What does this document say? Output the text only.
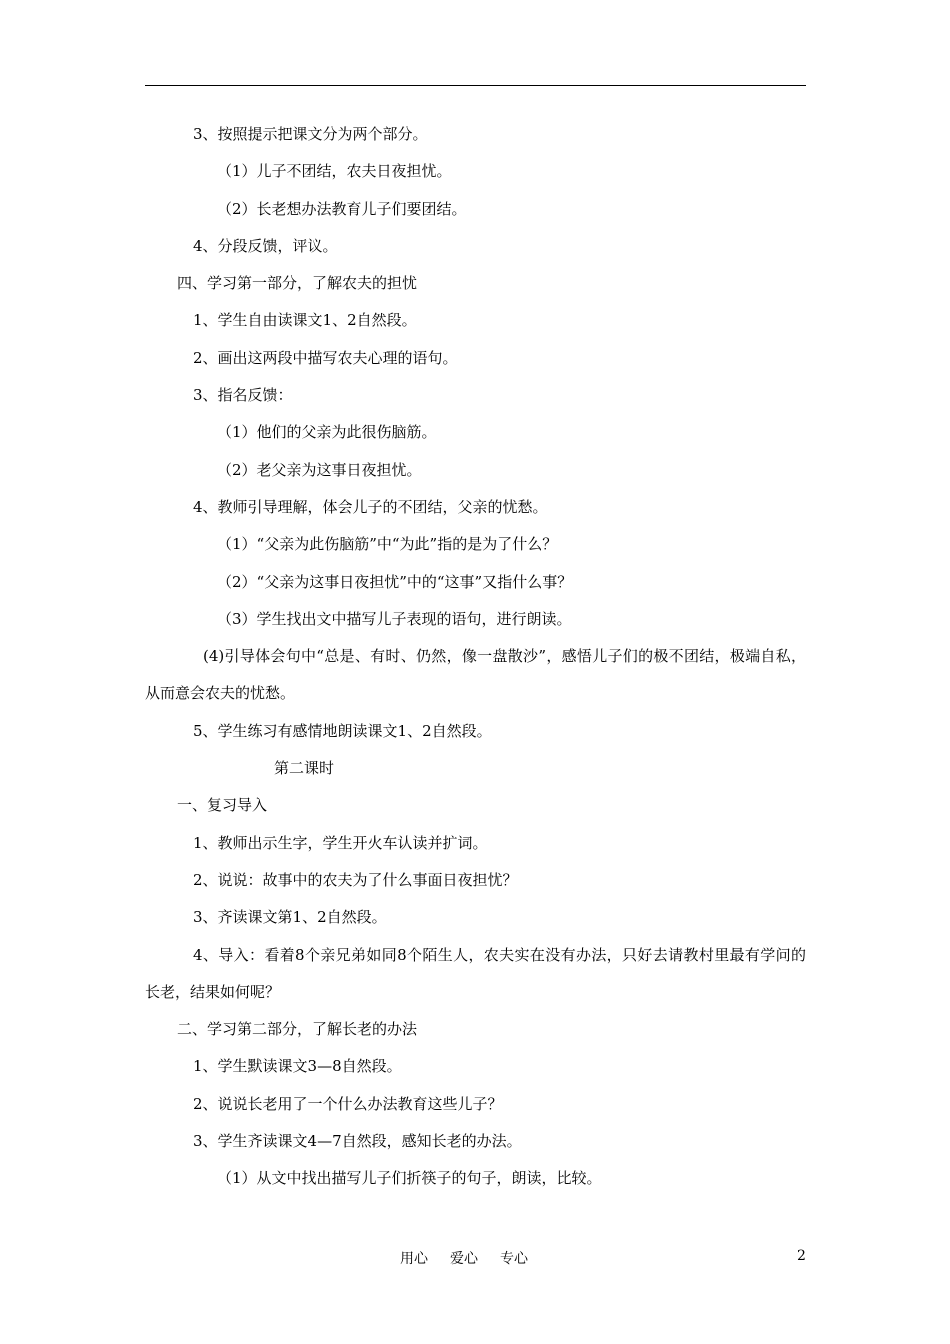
3、按照提示把课文分为两个部分。
（1）儿子不团结，农夫日夜担忧。
（2）长老想办法教育儿子们要团结。
4、分段反馈，评议。
四、学习第一部分，了解农夫的担忧
1、学生自由读课文1、2自然段。
2、画出这两段中描写农夫心理的语句。
3、指名反馈：
（1）他们的父亲为此很伤脑筋。
（2）老父亲为这事日夜担忧。
4、教师引导理解，体会儿子的不团结，父亲的忧愁。
（1）“父亲为此伤脑筋”中“为此”指的是为了什么？
（2）“父亲为这事日夜担忧”中的“这事”又指什么事？
（3）学生找出文中描写儿子表现的语句，进行朗读。
(4)引导体会句中“总是、有时、仍然，像一盘散沙”，感悟儿子们的极不团结，极端自私，从而意会农夫的忧愁。
5、学生练习有感情地朗读课文1、2自然段。
第二课时
一、复习导入
1、教师出示生字，学生开火车认读并扩词。
2、说说：故事中的农夫为了什么事面日夜担忧？
3、齐读课文第1、2自然段。
4、导入：看着8个亲兄弟如同8个陌生人，农夫实在没有办法，只好去请教村里最有学问的长老，结果如何呢？
二、学习第二部分，了解长老的办法
1、学生默读课文3—8自然段。
2、说说长老用了一个什么办法教育这些儿子？
3、学生齐读课文4—7自然段，感知长老的办法。
（1）从文中找出描写儿子们折筷子的句子，朗读，比较。
用心 爱心 专心	2
